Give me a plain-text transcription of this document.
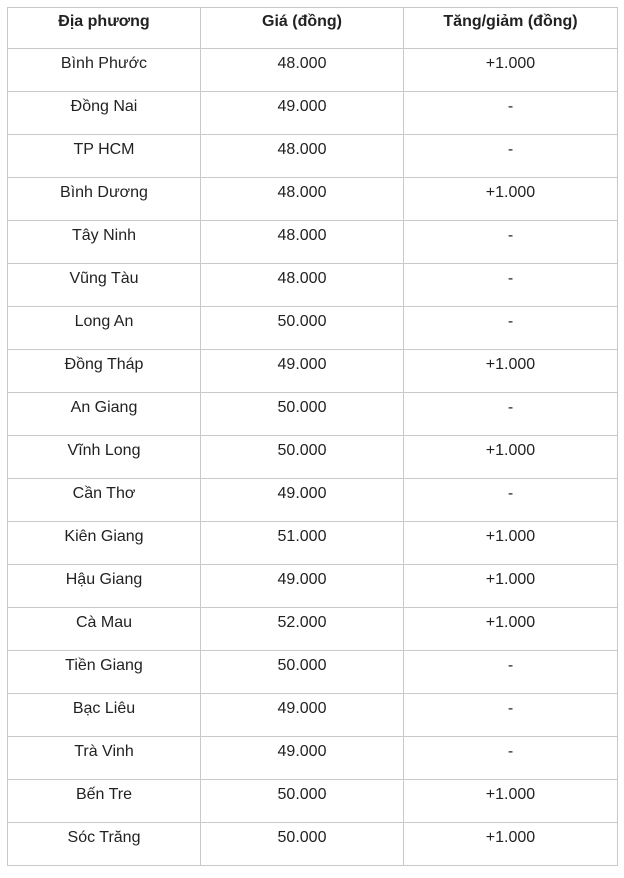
Địa phương	Giá (đồng)	Tăng/giảm (đồng)
Bình Phước	48.000	+1.000
Đồng Nai	49.000	-
TP HCM	48.000	-
Bình Dương	48.000	+1.000
Tây Ninh	48.000	-
Vũng Tàu	48.000	-
Long An	50.000	-
Đồng Tháp	49.000	+1.000
An Giang	50.000	-
Vĩnh Long	50.000	+1.000
Cần Thơ	49.000	-
Kiên Giang	51.000	+1.000
Hậu Giang	49.000	+1.000
Cà Mau	52.000	+1.000
Tiền Giang	50.000	-
Bạc Liêu	49.000	-
Trà Vinh	49.000	-
Bến Tre	50.000	+1.000
Sóc Trăng	50.000	+1.000
